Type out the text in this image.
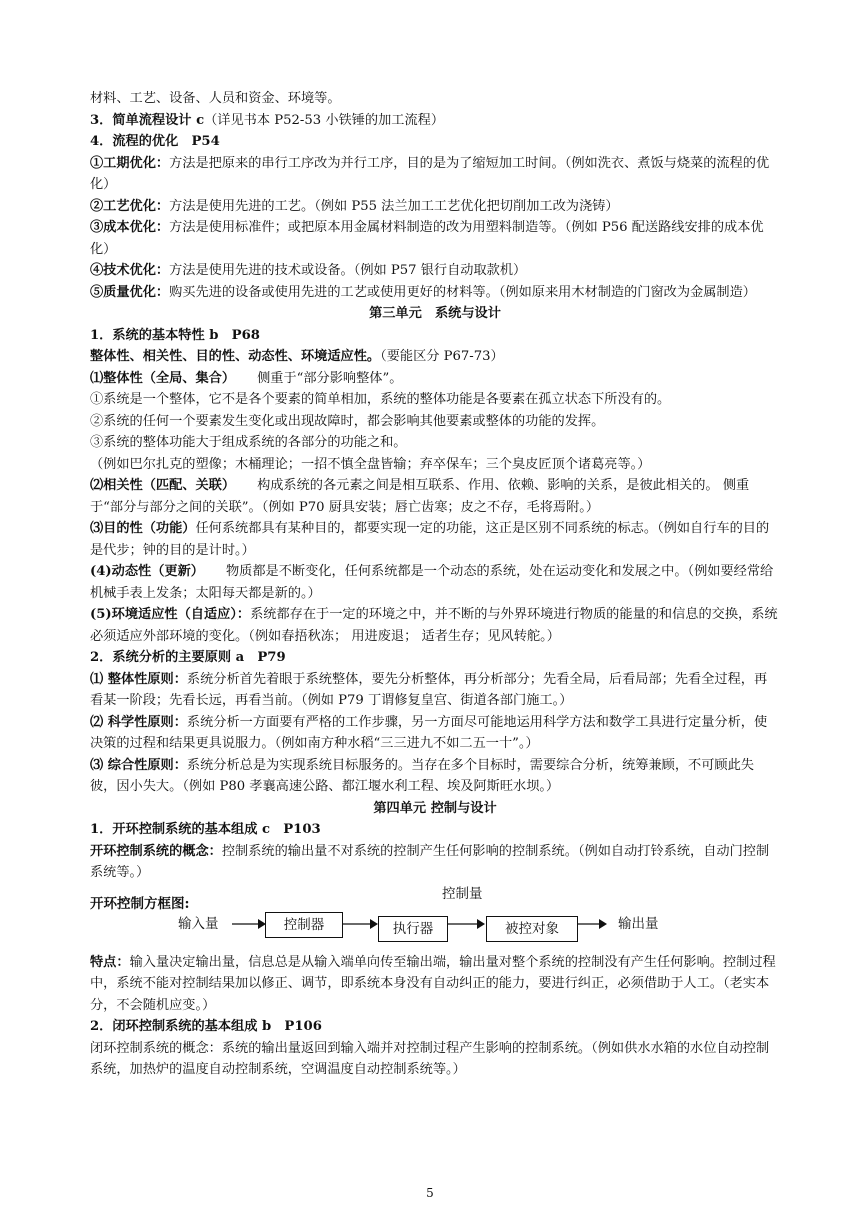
材料、工艺、设备、人员和资金、环境等。
3．简单流程设计 c（详见书本 P52-53 小铁锤的加工流程）
4．流程的优化　P54
①工期优化：方法是把原来的串行工序改为并行工序，目的是为了缩短加工时间。（例如洗衣、煮饭与烧菜的流程的优化）
②工艺优化：方法是使用先进的工艺。（例如 P55 法兰加工工艺优化把切削加工改为浇铸）
③成本优化：方法是使用标准件；或把原本用金属材料制造的改为用塑料制造等。（例如 P56 配送路线安排的成本优化）
④技术优化：方法是使用先进的技术或设备。（例如 P57 银行自动取款机）
⑤质量优化：购买先进的设备或使用先进的工艺或使用更好的材料等。（例如原来用木材制造的门窗改为金属制造）
第三单元　系统与设计
1．系统的基本特性 b　P68
整体性、相关性、目的性、动态性、环境适应性。（要能区分 P67-73）
⑴整体性（全局、集合） 侧重于“部分影响整体”。
①系统是一个整体，它不是各个要素的简单相加，系统的整体功能是各要素在孤立状态下所没有的。
②系统的任何一个要素发生变化或出现故障时，都会影响其他要素或整体的功能的发挥。
③系统的整体功能大于组成系统的各部分的功能之和。
（例如巴尔扎克的塑像；木桶理论；一招不慎全盘皆输；弃卒保车；三个臭皮匠顶个诸葛亮等。）
⑵相关性（匹配、关联） 构成系统的各元素之间是相互联系、作用、依赖、影响的关系，是彼此相关的。 侧重于“部分与部分之间的关联”。（例如 P70 厨具安装；唇亡齿寒；皮之不存，毛将焉附。）
⑶目的性（功能）任何系统都具有某种目的，都要实现一定的功能，这正是区别不同系统的标志。（例如自行车的目的是代步；钟的目的是计时。）
(4)动态性（更新） 物质都是不断变化，任何系统都是一个动态的系统，处在运动变化和发展之中。（例如要经常给机械手表上发条；太阳每天都是新的。）
(5)环境适应性（自适应）：系统都存在于一定的环境之中，并不断的与外界环境进行物质的能量的和信息的交换，系统必须适应外部环境的变化。（例如春捂秋冻； 用进废退； 适者生存；见风转舵。）
2．系统分析的主要原则 a　P79
⑴ 整体性原则：系统分析首先着眼于系统整体，要先分析整体，再分析部分；先看全局，后看局部；先看全过程，再看某一阶段；先看长远，再看当前。（例如 P79 丁谓修复皇宫、街道各部门施工。）
⑵ 科学性原则：系统分析一方面要有严格的工作步骤，另一方面尽可能地运用科学方法和数学工具进行定量分析，使决策的过程和结果更具说服力。（例如南方种水稻“三三进九不如二五一十”。）
⑶ 综合性原则：系统分析总是为实现系统目标服务的。当存在多个目标时，需要综合分析，统筹兼顾，不可顾此失彼，因小失大。（例如 P80 孝襄高速公路、都江堰水利工程、埃及阿斯旺水坝。）
第四单元 控制与设计
1．开环控制系统的基本组成 c　P103
开环控制系统的概念：控制系统的输出量不对系统的控制产生任何影响的控制系统。（例如自动打铃系统，自动门控制系统等。）
开环控制方框图:
控制量
输入量	控制器	执行器	被控对象	输出量
特点：输入量决定输出量，信息总是从输入端单向传至输出端，输出量对整个系统的控制没有产生任何影响。控制过程中，系统不能对控制结果加以修正、调节，即系统本身没有自动纠正的能力，要进行纠正，必须借助于人工。（老实本分，不会随机应变。）
2．闭环控制系统的基本组成 b　P106
闭环控制系统的概念：系统的输出量返回到输入端并对控制过程产生影响的控制系统。（例如供水水箱的水位自动控制系统，加热炉的温度自动控制系统，空调温度自动控制系统等。）
5
